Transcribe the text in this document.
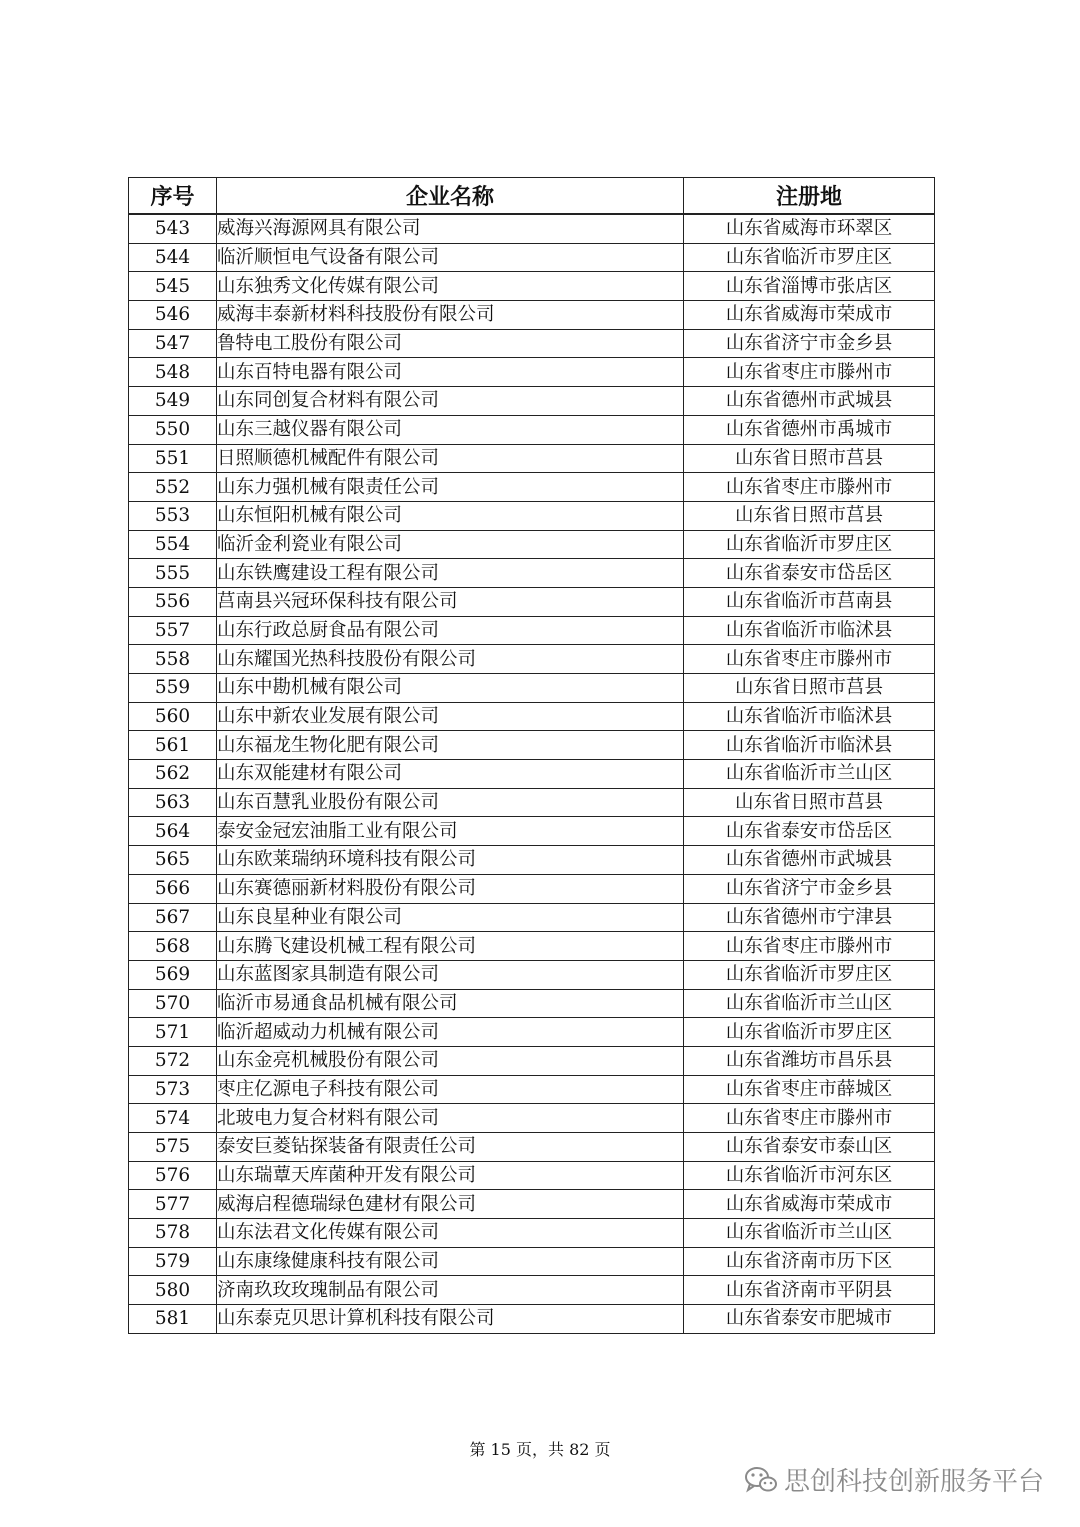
序号	企业名称	注册地
543	威海兴海源网具有限公司	山东省威海市环翠区
544	临沂顺恒电气设备有限公司	山东省临沂市罗庄区
545	山东独秀文化传媒有限公司	山东省淄博市张店区
546	威海丰泰新材料科技股份有限公司	山东省威海市荣成市
547	鲁特电工股份有限公司	山东省济宁市金乡县
548	山东百特电器有限公司	山东省枣庄市滕州市
549	山东同创复合材料有限公司	山东省德州市武城县
550	山东三越仪器有限公司	山东省德州市禹城市
551	日照顺德机械配件有限公司	山东省日照市莒县
552	山东力强机械有限责任公司	山东省枣庄市滕州市
553	山东恒阳机械有限公司	山东省日照市莒县
554	临沂金利瓷业有限公司	山东省临沂市罗庄区
555	山东铁鹰建设工程有限公司	山东省泰安市岱岳区
556	莒南县兴冠环保科技有限公司	山东省临沂市莒南县
557	山东行政总厨食品有限公司	山东省临沂市临沭县
558	山东耀国光热科技股份有限公司	山东省枣庄市滕州市
559	山东中勘机械有限公司	山东省日照市莒县
560	山东中新农业发展有限公司	山东省临沂市临沭县
561	山东福龙生物化肥有限公司	山东省临沂市临沭县
562	山东双能建材有限公司	山东省临沂市兰山区
563	山东百慧乳业股份有限公司	山东省日照市莒县
564	泰安金冠宏油脂工业有限公司	山东省泰安市岱岳区
565	山东欧莱瑞纳环境科技有限公司	山东省德州市武城县
566	山东赛德丽新材料股份有限公司	山东省济宁市金乡县
567	山东良星种业有限公司	山东省德州市宁津县
568	山东腾飞建设机械工程有限公司	山东省枣庄市滕州市
569	山东蓝图家具制造有限公司	山东省临沂市罗庄区
570	临沂市易通食品机械有限公司	山东省临沂市兰山区
571	临沂超威动力机械有限公司	山东省临沂市罗庄区
572	山东金亮机械股份有限公司	山东省潍坊市昌乐县
573	枣庄亿源电子科技有限公司	山东省枣庄市薛城区
574	北玻电力复合材料有限公司	山东省枣庄市滕州市
575	泰安巨菱钻探装备有限责任公司	山东省泰安市泰山区
576	山东瑞蕈天库菌种开发有限公司	山东省临沂市河东区
577	威海启程德瑞绿色建材有限公司	山东省威海市荣成市
578	山东法君文化传媒有限公司	山东省临沂市兰山区
579	山东康缘健康科技有限公司	山东省济南市历下区
580	济南玖玫玫瑰制品有限公司	山东省济南市平阴县
581	山东泰克贝思计算机科技有限公司	山东省泰安市肥城市
第 15 页，共 82 页
思创科技创新服务平台
